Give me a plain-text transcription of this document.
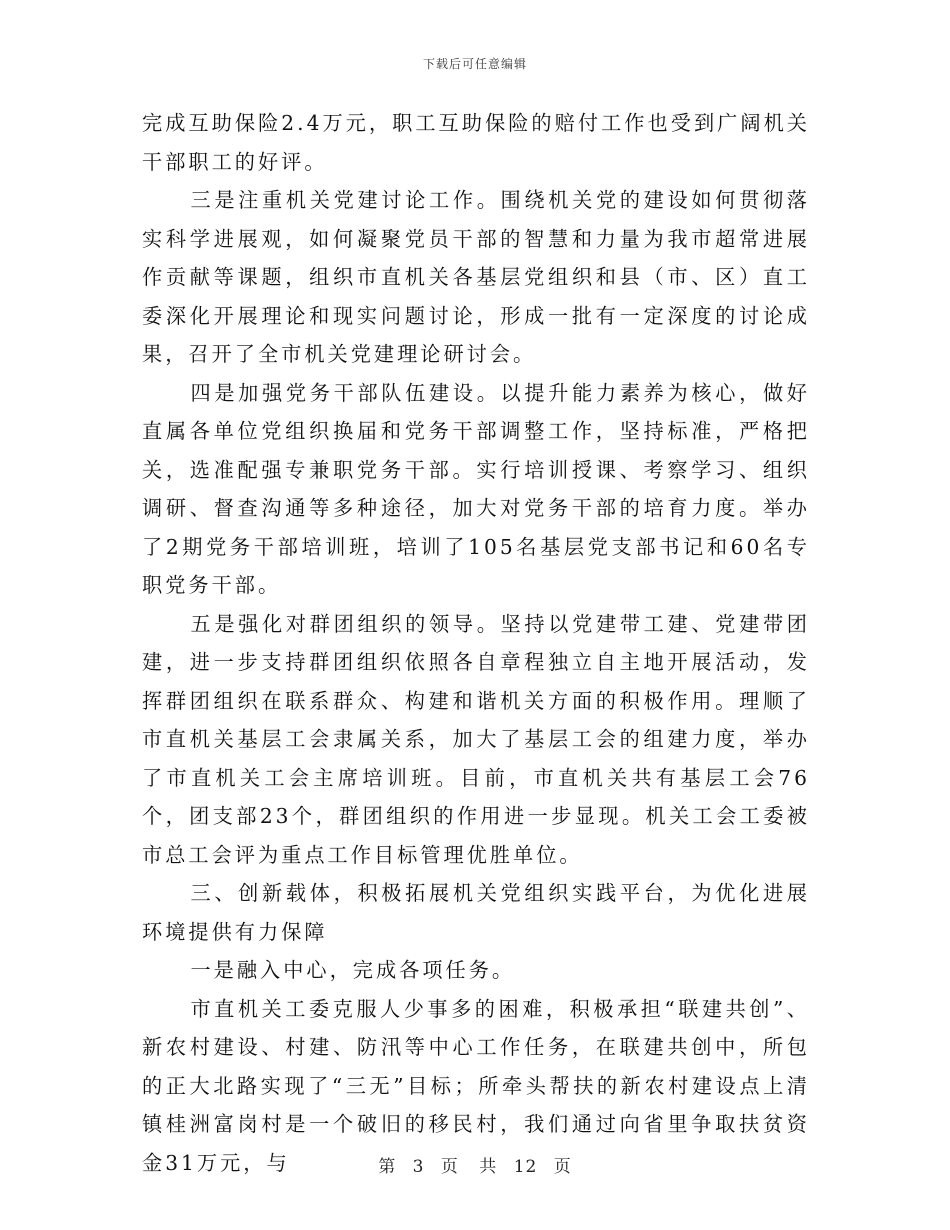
下载后可任意编辑

完成互助保险2.4万元，职工互助保险的赔付工作也受到广阔机关干部职工的好评。

三是注重机关党建讨论工作。围绕机关党的建设如何贯彻落实科学进展观，如何凝聚党员干部的智慧和力量为我市超常进展作贡献等课题，组织市直机关各基层党组织和县（市、区）直工委深化开展理论和现实问题讨论，形成一批有一定深度的讨论成果，召开了全市机关党建理论研讨会。

四是加强党务干部队伍建设。以提升能力素养为核心，做好直属各单位党组织换届和党务干部调整工作，坚持标准，严格把关，选准配强专兼职党务干部。实行培训授课、考察学习、组织调研、督查沟通等多种途径，加大对党务干部的培育力度。举办了2期党务干部培训班，培训了105名基层党支部书记和60名专职党务干部。

五是强化对群团组织的领导。坚持以党建带工建、党建带团建，进一步支持群团组织依照各自章程独立自主地开展活动，发挥群团组织在联系群众、构建和谐机关方面的积极作用。理顺了市直机关基层工会隶属关系，加大了基层工会的组建力度，举办了市直机关工会主席培训班。目前，市直机关共有基层工会76个，团支部23个，群团组织的作用进一步显现。机关工会工委被市总工会评为重点工作目标管理优胜单位。

三、创新载体，积极拓展机关党组织实践平台，为优化进展环境提供有力保障

一是融入中心，完成各项任务。

市直机关工委克服人少事多的困难，积极承担“联建共创”、新农村建设、村建、防汛等中心工作任务，在联建共创中，所包的正大北路实现了“三无”目标；所牵头帮扶的新农村建设点上清镇桂洲富岗村是一个破旧的移民村，我们通过向省里争取扶贫资金31万元，与	第 3 页 共 12 页
